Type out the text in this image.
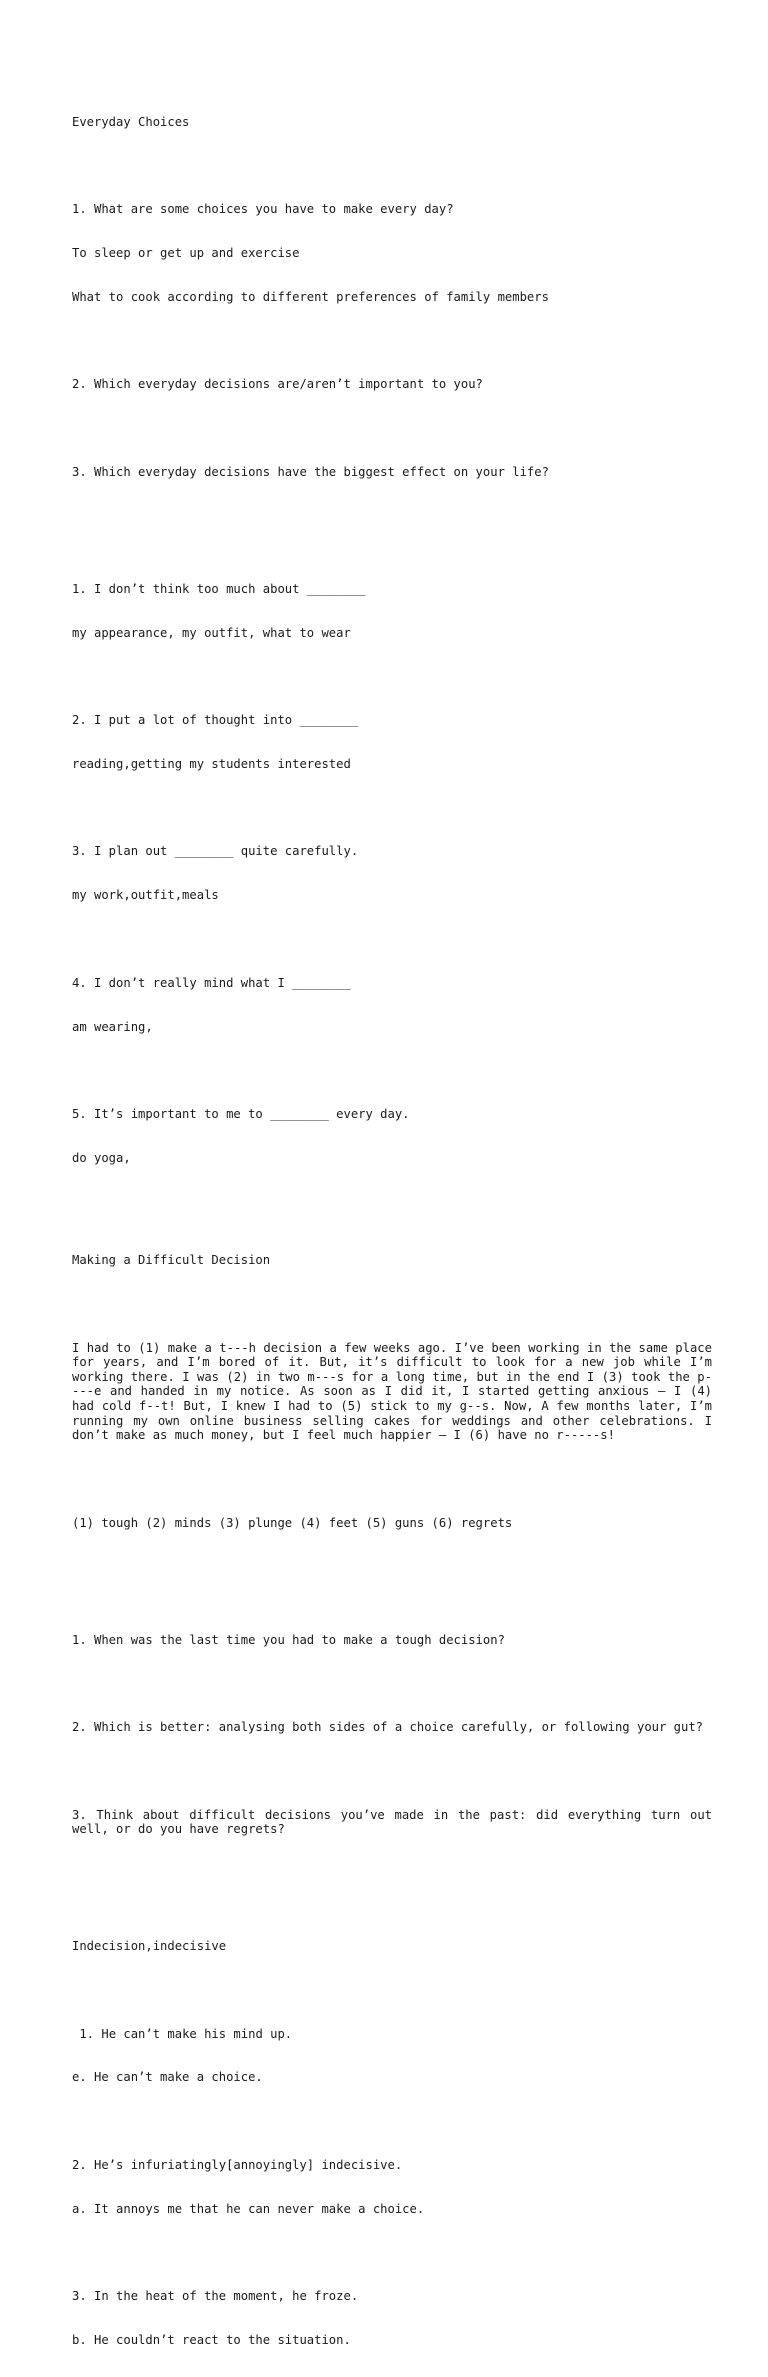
Everyday Choices

1. What are some choices you have to make every day?

To sleep or get up and exercise

What to cook according to different preferences of family members

2. Which everyday decisions are/aren’t important to you?

3. Which everyday decisions have the biggest effect on your life?

1. I don’t think too much about ________

my appearance, my outfit, what to wear

2. I put a lot of thought into ________

reading,getting my students interested

3. I plan out ________ quite carefully.

my work,outfit,meals

4. I don’t really mind what I ________

am wearing,

5. It’s important to me to ________ every day.

do yoga,

Making a Difficult Decision

I had to (1) make a t---h decision a few weeks ago. I’ve been working in the same place for years, and I’m bored of it. But, it’s difficult to look for a new job while I’m working there. I was (2) in two m---s for a long time, but in the end I (3) took the p----e and handed in my notice. As soon as I did it, I started getting anxious – I (4) had cold f--t! But, I knew I had to (5) stick to my g--s. Now, A few months later, I’m running my own online business selling cakes for weddings and other celebrations. I don’t make as much money, but I feel much happier – I (6) have no r-----s!

(1) tough (2) minds (3) plunge (4) feet (5) guns (6) regrets

1. When was the last time you had to make a tough decision?

2. Which is better: analysing both sides of a choice carefully, or following your gut?

3. Think about difficult decisions you’ve made in the past: did everything turn out well, or do you have regrets?

Indecision,indecisive

1. He can’t make his mind up.

e. He can’t make a choice.

2. He’s infuriatingly[annoyingly] indecisive.

a. It annoys me that he can never make a choice.

3. In the heat of the moment, he froze.

b. He couldn’t react to the situation.
